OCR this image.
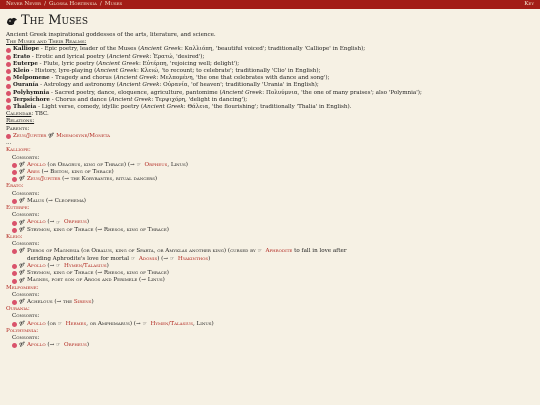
Never Never / Glossa Hortensia / Muses	Key
The Muses
Ancient Greek inspirational goddesses of the arts, literature, and science.
The Muses and Their Realms:
Kalliope - Epic poetry, leader of the Muses (Ancient Greek: Καλλιόπη, 'beautiful voiced'; traditionally 'Calliope' in English);
Erato - Erotic and lyrical poetry (Ancient Greek: Ἐρατώ, 'desired');
Euterpe - Flute, lyric poetry (Ancient Greek: Εὐτέρπη, 'rejoicing well; delight');
Kleio - History, lyre-playing (Ancient Greek: Κλειώ, 'to recount; to celebrate'; traditionally 'Clio' in English);
Melpomene - Tragedy and chorus (Ancient Greek: Μελπομένη, 'the one that celebrates with dance and song');
Ouranía - Astrology and astronomy (Ancient Greek: Οὐρανία, 'of heaven'; traditionally 'Urania' in English);
Polyhymnia - Sacred poetry, dance, eloquence, agriculture, pantomime (Ancient Greek: Πολυύμνια, 'the one of many praises'; also 'Polymnia');
Terpsichore - Chorus and dance (Ancient Greek: Τερψιχόρη, 'delight in dancing');
Thaleia - Light verse, comedy, idyllic poetry (Ancient Greek: Θάλεια, 'the flourishing'; traditionally 'Thalia' in English).
Calendar: TBC.
Relations:
Parents:
Zeus/Jupiter ⚤ Mnemosyne/Moneta
...
Kalliope:
Consorts:
⚤ Apollo (or Oeagrus, king of Thrace) (→ ☞ Orpheus, Linus)
⚤ Ares (→ Biston, king of Thrace)
⚤ Zeus/Jupiter (→ the Korybantes, ritual dancers)
Erato:
Consorts:
⚤ Malus (→ Cleophema)
Euterpe:
Consorts:
⚤ Apollo (→ ☞ Orpheus)
⚤ Strymon, king of Thrace (→ Rhesos, king of Thrace)
Kleio:
Consorts:
⚤ Pieros of Magnesia (or Oibalus, king of Sparta, or Amyklas another king) (cursed by ☞ Aphrodite to fall in love after deriding Aphrodite's love for mortal ☞ Adonis) (→ ☞ Hyakinthos)
⚤ Apollo (→ ☞ Hymen/Talasius)
⚤ Strymon, king of Thrace (→ Rhesos, king of Thrace)
⚤ Magnes, poet son of Argos and Perimele (→ Linus)
Melpomene:
Consorts:
⚤ Achelous (→ the Sirens)
Ourania:
Consorts:
⚤ Apollo (or ☞ Hermes, or Amphimarus) (→ ☞ Hymen/Talasius, Linus)
Polyhymnia:
Consorts:
⚤ Apollo (→ ☞ Orpheus)
